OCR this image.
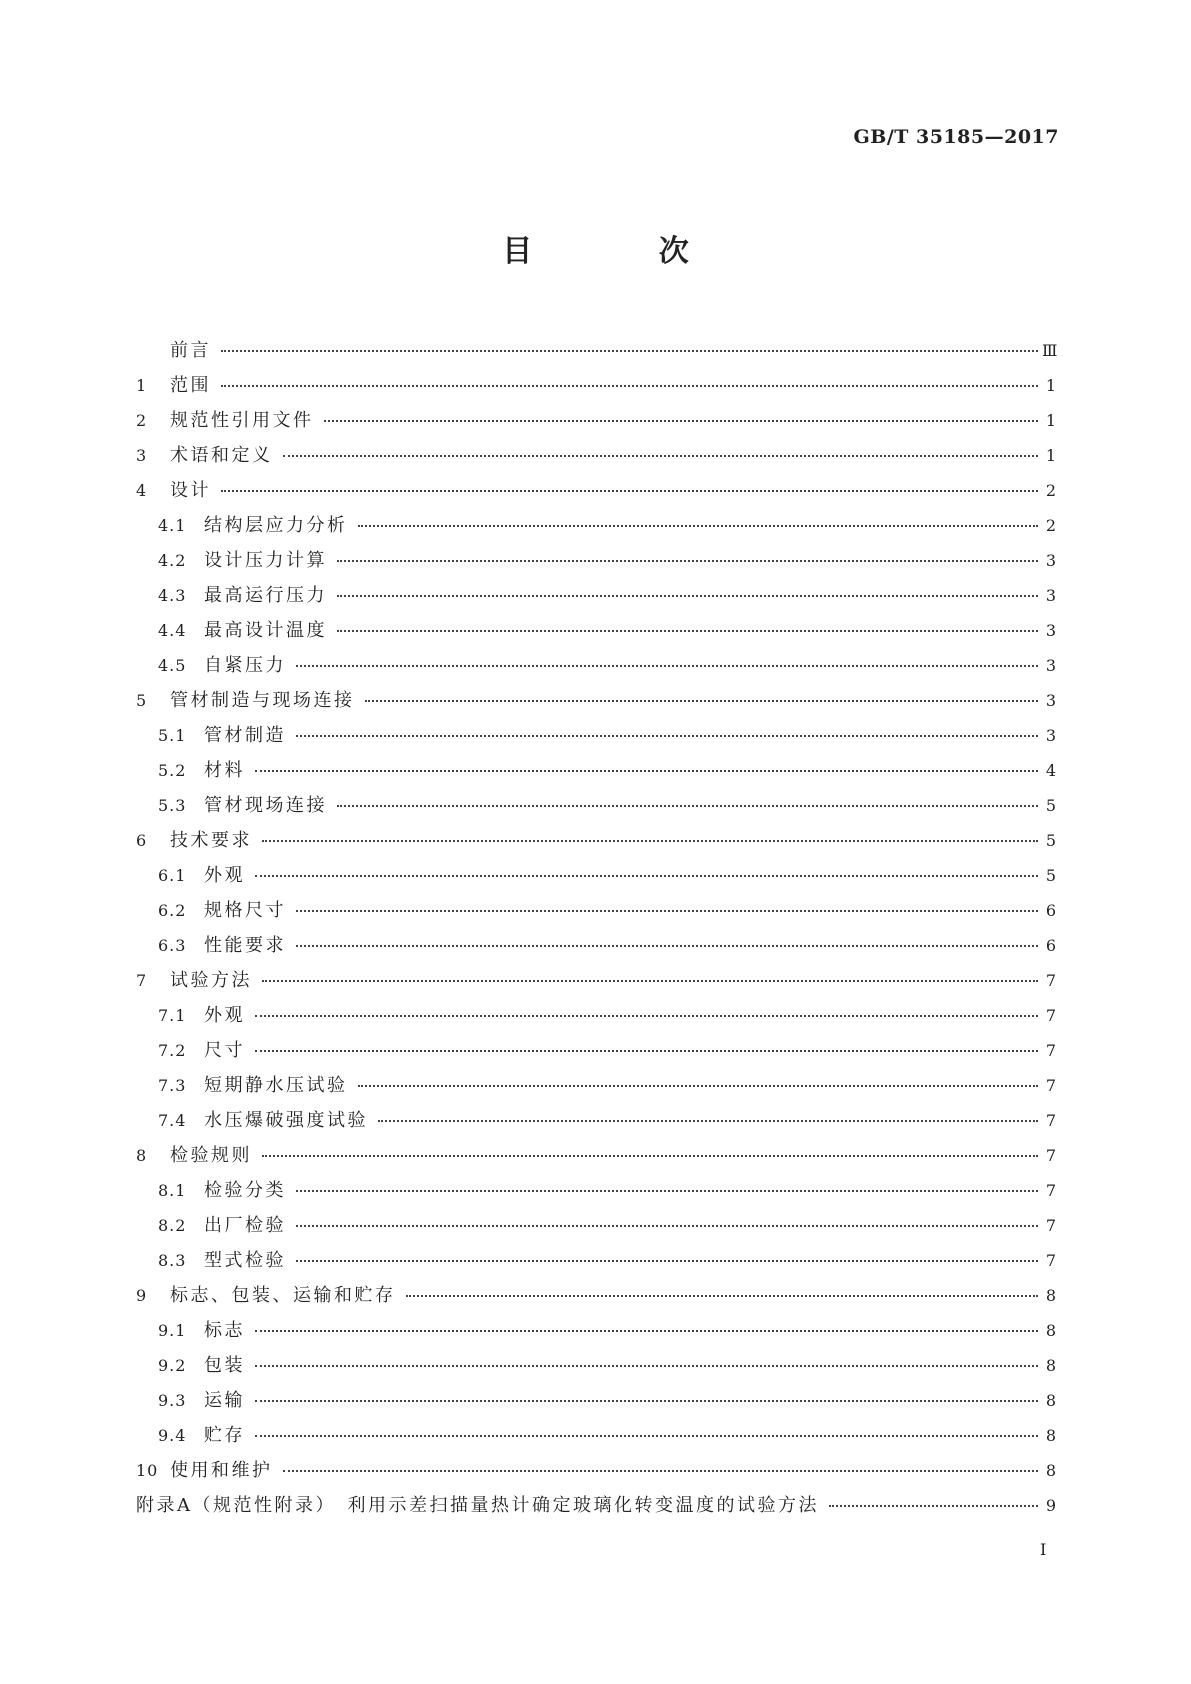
GB/T 35185—2017
目 次
前言	Ⅲ
1	范围	1
2	规范性引用文件	1
3	术语和定义	1
4	设计	2
4.1 结构层应力分析	2
4.2 设计压力计算	3
4.3 最高运行压力	3
4.4 最高设计温度	3
4.5 自紧压力	3
5	管材制造与现场连接	3
5.1 管材制造	3
5.2 材料	4
5.3 管材现场连接	5
6	技术要求	5
6.1 外观	5
6.2 规格尺寸	6
6.3 性能要求	6
7	试验方法	7
7.1 外观	7
7.2 尺寸	7
7.3 短期静水压试验	7
7.4 水压爆破强度试验	7
8	检验规则	7
8.1 检验分类	7
8.2 出厂检验	7
8.3 型式检验	7
9	标志、包装、运输和贮存	8
9.1 标志	8
9.2 包装	8
9.3 运输	8
9.4 贮存	8
10 使用和维护	8
附录A（规范性附录）　利用示差扫描量热计确定玻璃化转变温度的试验方法	9
I
